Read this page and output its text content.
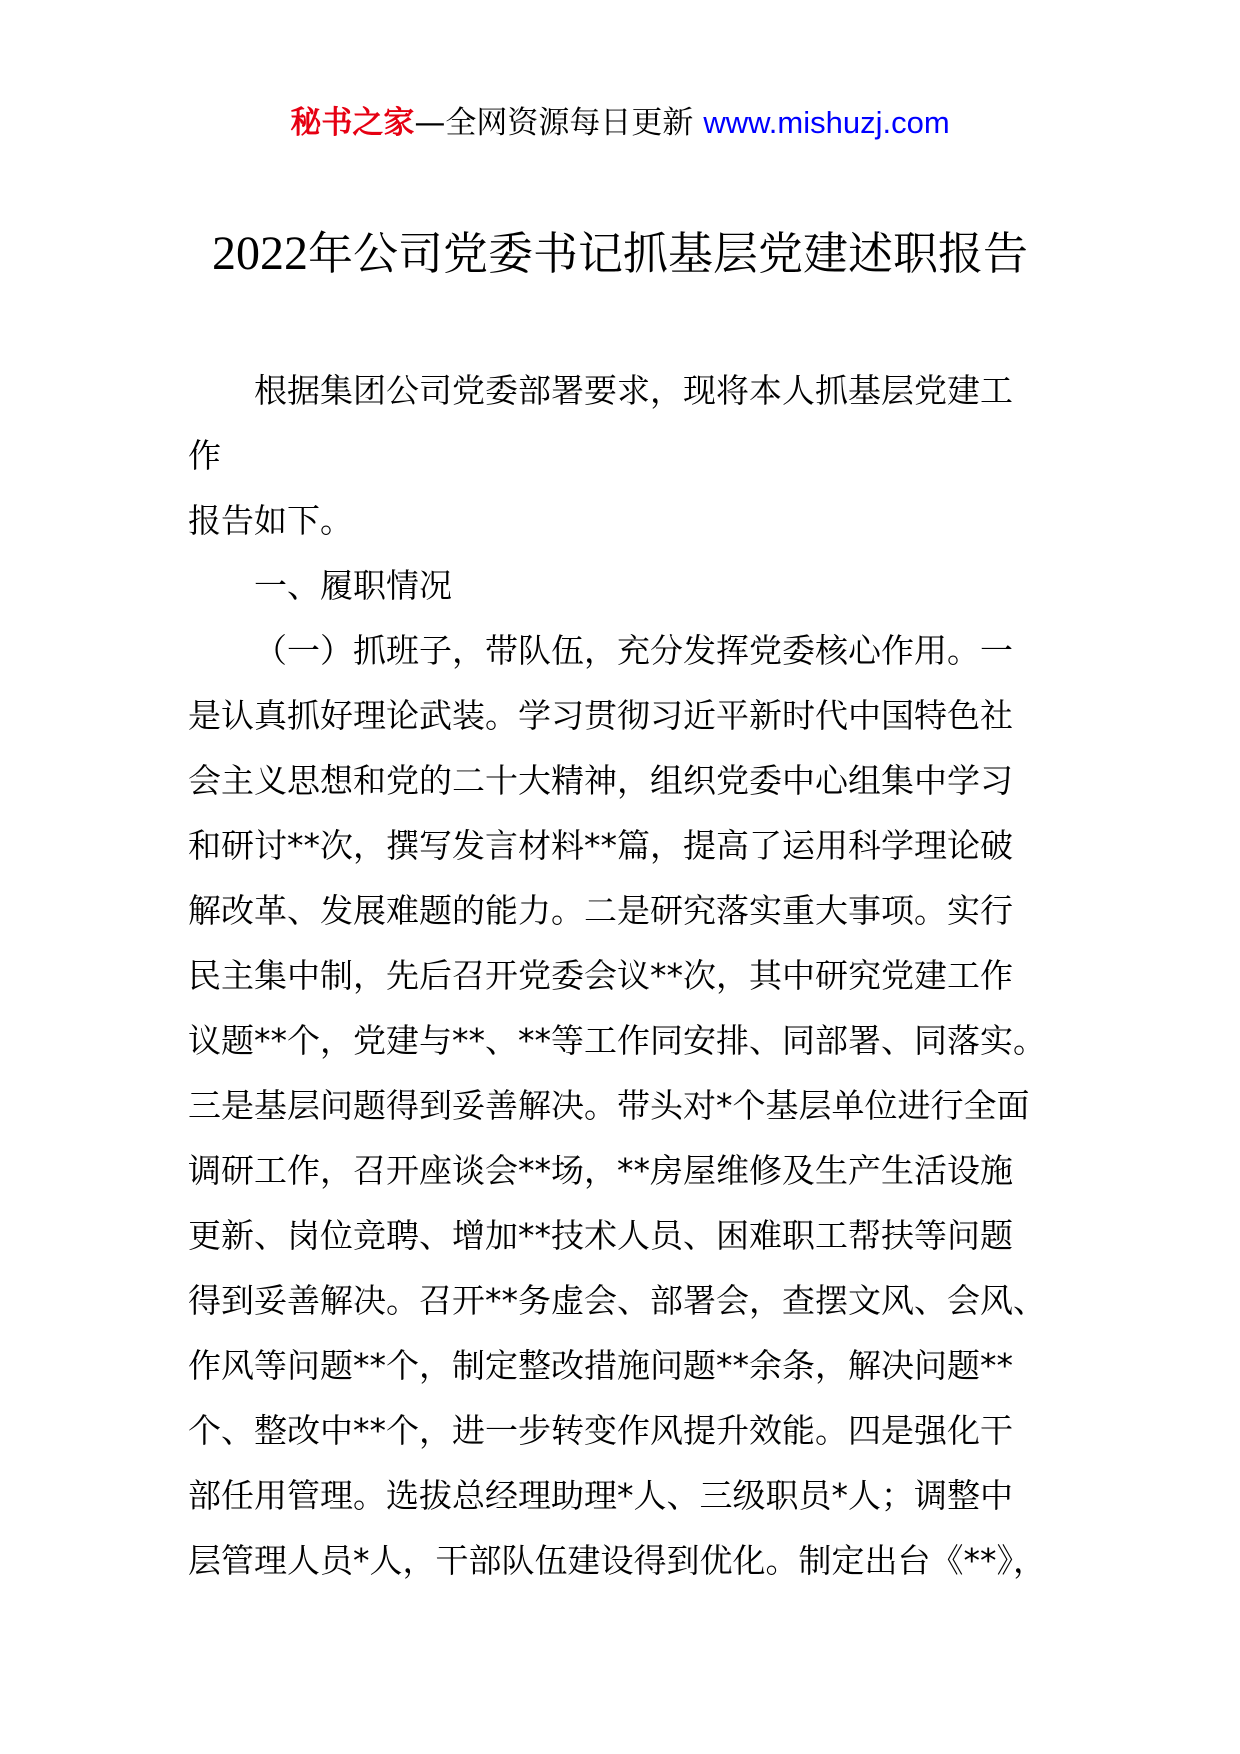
秘书之家—全网资源每日更新 www.mishuzj.com
2022年公司党委书记抓基层党建述职报告
根据集团公司党委部署要求，现将本人抓基层党建工
作
报告如下。
一、履职情况
（一）抓班子，带队伍，充分发挥党委核心作用。一
是认真抓好理论武装。学习贯彻习近平新时代中国特色社
会主义思想和党的二十大精神，组织党委中心组集中学习
和研讨**次，撰写发言材料**篇，提高了运用科学理论破
解改革、发展难题的能力。二是研究落实重大事项。实行
民主集中制，先后召开党委会议**次，其中研究党建工作
议题**个，党建与**、**等工作同安排、同部署、同落实。
三是基层问题得到妥善解决。带头对*个基层单位进行全面
调研工作，召开座谈会**场，**房屋维修及生产生活设施
更新、岗位竞聘、增加**技术人员、困难职工帮扶等问题
得到妥善解决。召开**务虚会、部署会，查摆文风、会风、
作风等问题**个，制定整改措施问题**余条，解决问题**
个、整改中**个，进一步转变作风提升效能。四是强化干
部任用管理。选拔总经理助理*人、三级职员*人；调整中
层管理人员*人，干部队伍建设得到优化。制定出台《**》，
